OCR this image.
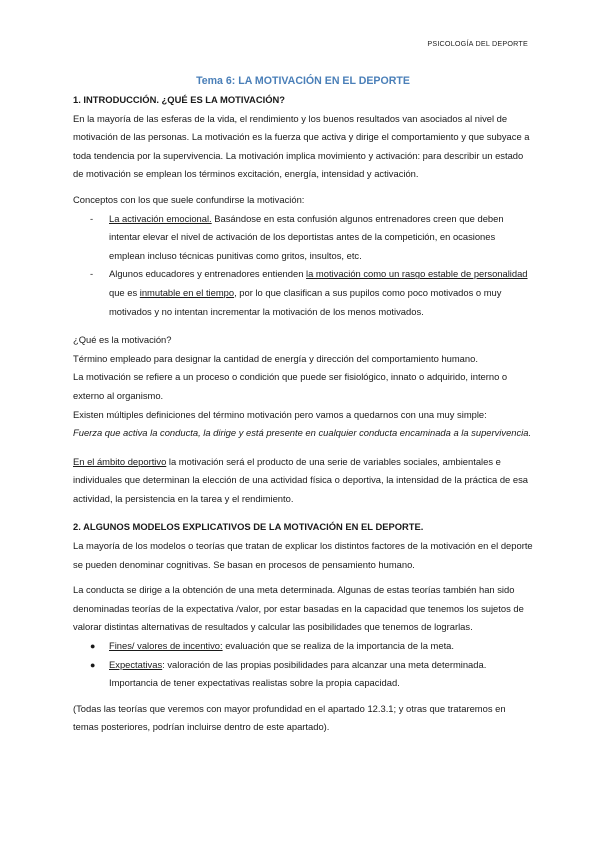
PSICOLOGÍA DEL DEPORTE
Tema 6: LA MOTIVACIÓN EN EL DEPORTE

1. INTRODUCCIÓN. ¿QUÉ ES LA MOTIVACIÓN?

En la mayoría de las esferas de la vida, el rendimiento y los buenos resultados van asociados al nivel de motivación de las personas. La motivación es la fuerza que activa y dirige el comportamiento y que subyace a toda tendencia por la supervivencia. La motivación implica movimiento y activación: para describir un estado de motivación se emplean los términos excitación, energía, intensidad y activación.

Conceptos con los que suele confundirse la motivación:

- La activación emocional. Basándose en esta confusión algunos entrenadores creen que deben intentar elevar el nivel de activación de los deportistas antes de la competición, en ocasiones emplean incluso técnicas punitivas como gritos, insultos, etc.
- Algunos educadores y entrenadores entienden la motivación como un rasgo estable de personalidad que es inmutable en el tiempo, por lo que clasifican a sus pupilos como poco motivados o muy motivados y no intentan incrementar la motivación de los menos motivados.

¿Qué es la motivación?

Término empleado para designar la cantidad de energía y dirección del comportamiento humano.

La motivación se refiere a un proceso o condición que puede ser fisiológico, innato o adquirido, interno o externo al organismo.

Existen múltiples definiciones del término motivación pero vamos a quedarnos con una muy simple:

Fuerza que activa la conducta, la dirige y está presente en cualquier conducta encaminada a la supervivencia.

En el ámbito deportivo la motivación será el producto de una serie de variables sociales, ambientales e individuales que determinan la elección de una actividad física o deportiva, la intensidad de la práctica de esa actividad, la persistencia en la tarea y el rendimiento.

2. ALGUNOS MODELOS EXPLICATIVOS DE LA MOTIVACIÓN EN EL DEPORTE.

La mayoría de los modelos o teorías que tratan de explicar los distintos factores de la motivación en el deporte se pueden denominar cognitivas. Se basan en procesos de pensamiento humano.

La conducta se dirige a la obtención de una meta determinada. Algunas de estas teorías también han sido denominadas teorías de la expectativa /valor, por estar basadas en la capacidad que tenemos los sujetos de valorar distintas alternativas de resultados y calcular las posibilidades que tenemos de lograrlas.

● Fines/ valores de incentivo: evaluación que se realiza de la importancia de la meta.
● Expectativas: valoración de las propias posibilidades para alcanzar una meta determinada. Importancia de tener expectativas realistas sobre la propia capacidad.

(Todas las teorías que veremos con mayor profundidad en el apartado 12.3.1; y otras que trataremos en temas posteriores, podrían incluirse dentro de este apartado).
